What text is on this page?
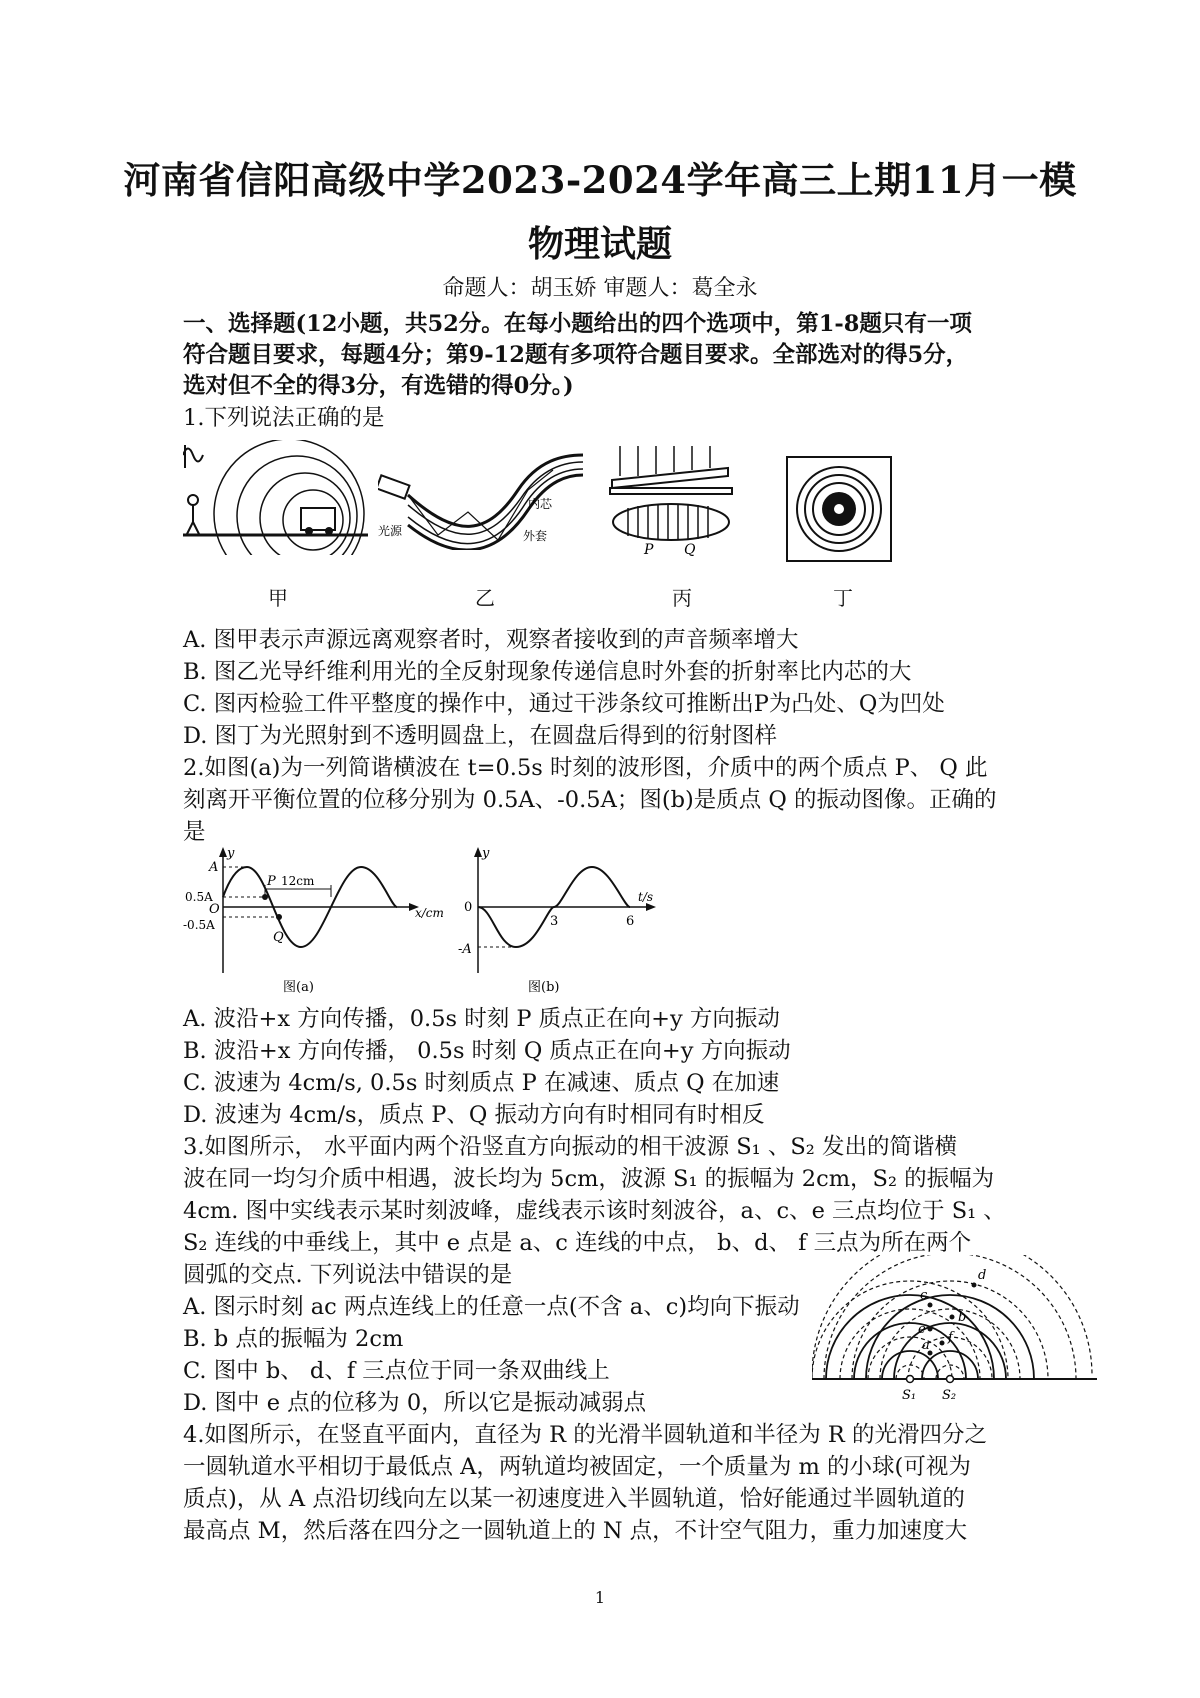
河南省信阳高级中学2023-2024学年高三上期11月一模
物理试题
命题人：胡玉娇 审题人：葛全永
一、选择题(12小题，共52分。在每小题给出的四个选项中，第1-8题只有一项
符合题目要求，每题4分；第9-12题有多项符合题目要求。全部选对的得5分，
选对但不全的得3分，有选错的得0分。)
1.下列说法正确的是
甲
光源
内芯
外套
乙
P Q
丙	丁
A. 图甲表示声源远离观察者时，观察者接收到的声音频率增大
B. 图乙光导纤维利用光的全反射现象传递信息时外套的折射率比内芯的大
C. 图丙检验工件平整度的操作中，通过干涉条纹可推断出P为凸处、Q为凹处
D. 图丁为光照射到不透明圆盘上，在圆盘后得到的衍射图样
2.如图(a)为一列简谐横波在 t=0.5s 时刻的波形图，介质中的两个质点 P、 Q 此
刻离开平衡位置的位移分别为 0.5A、-0.5A；图(b)是质点 Q 的振动图像。正确的
是
y
A
0.5A
O
-0.5A
P
Q
12cm
x/cm
图(a)
y
0
3	6
-A
t/s
图(b)
A. 波沿+x 方向传播，0.5s 时刻 P 质点正在向+y 方向振动
B. 波沿+x 方向传播， 0.5s 时刻 Q 质点正在向+y 方向振动
C. 波速为 4cm/s, 0.5s 时刻质点 P 在减速、质点 Q 在加速
D. 波速为 4cm/s，质点 P、Q 振动方向有时相同有时相反
3.如图所示， 水平面内两个沿竖直方向振动的相干波源 S₁ 、S₂ 发出的简谐横
波在同一均匀介质中相遇，波长均为 5cm，波源 S₁ 的振幅为 2cm，S₂ 的振幅为
4cm. 图中实线表示某时刻波峰，虚线表示该时刻波谷，a、c、e 三点均位于 S₁ 、
S₂ 连线的中垂线上，其中 e 点是 a、c 连线的中点， b、d、 f 三点为所在两个
圆弧的交点. 下列说法中错误的是
A. 图示时刻 ac 两点连线上的任意一点(不含 a、c)均向下振动
B. b 点的振幅为 2cm
C. 图中 b、 d、f 三点位于同一条双曲线上
D. 图中 e 点的位移为 0，所以它是振动减弱点
c
e
a
b
d
f
S₁ S₂
4.如图所示，在竖直平面内，直径为 R 的光滑半圆轨道和半径为 R 的光滑四分之
一圆轨道水平相切于最低点 A，两轨道均被固定，一个质量为 m 的小球(可视为
质点)，从 A 点沿切线向左以某一初速度进入半圆轨道，恰好能通过半圆轨道的
最高点 M，然后落在四分之一圆轨道上的 N 点，不计空气阻力，重力加速度大
1
